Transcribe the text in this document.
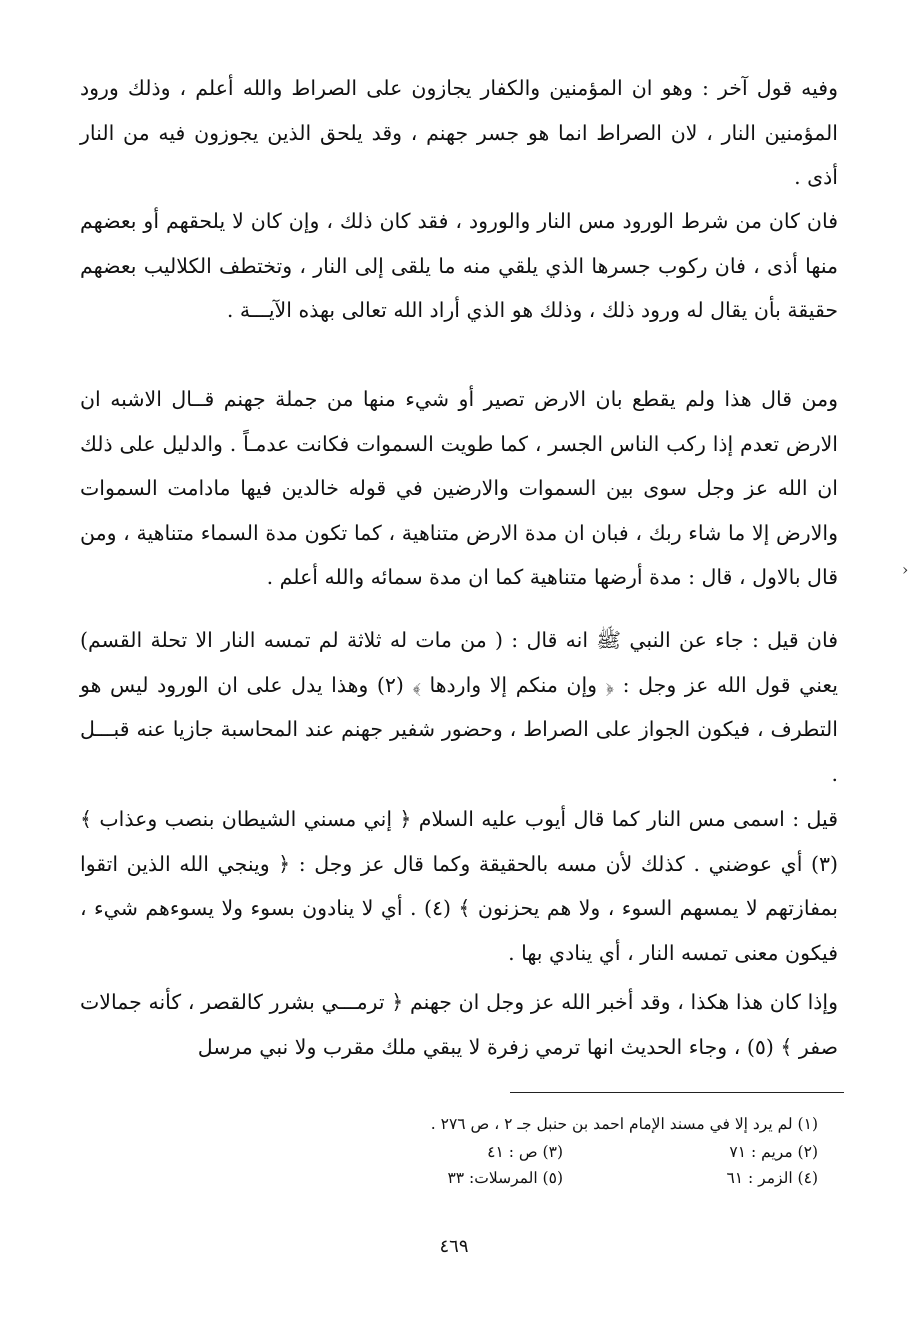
وفيه قول آخر : وهو ان المؤمنين والكفار يجازون على الصراط والله أعلم ، وذلك ورود المؤمنين النار ، لان الصراط انما هو جسر جهنم ، وقد يلحق الذين يجوزون فيه من النار أذى .

فان كان من شرط الورود مس النار والورود ، فقد كان ذلك ، وإن كان لا يلحقهم أو بعضهم منها أذى ، فان ركوب جسرها الذي يلقي منه ما يلقى إلى النار ، وتختطف الكلاليب بعضهم حقيقة بأن يقال له ورود ذلك ، وذلك هو الذي أراد الله تعالى بهذه الآيـــة .

ومن قال هذا ولم يقطع بان الارض تصير أو شيء منها من جملة جهنم قــال الاشبه ان الارض تعدم إذا ركب الناس الجسر ، كما طويت السموات فكانت عدمـاً . والدليل على ذلك ان الله عز وجل سوى بين السموات والارضين في قوله خالدين فيها مادامت السموات والارض إلا ما شاء ربك ، فبان ان مدة الارض متناهية ، كما تكون مدة السماء متناهية ، ومن قال بالاول ، قال : مدة أرضها متناهية كما ان مدة سمائه والله أعلم .

فان قيل : جاء عن النبي ﷺ انه قال : ( من مات له ثلاثة لم تمسه النار الا تحلة القسم) يعني قول الله عز وجل : ﴿ وإن منكم إلا واردها ﴾ (٢) وهذا يدل على ان الورود ليس هو التطرف ، فيكون الجواز على الصراط ، وحضور شفير جهنم عند المحاسبة جازيا عنه قبـــل .

قيل : اسمى مس النار كما قال أيوب عليه السلام ﴿ إني مسني الشيطان بنصب وعذاب ﴾ (٣) أي عوضني . كذلك لأن مسه بالحقيقة وكما قال عز وجل : ﴿ وينجي الله الذين اتقوا بمفازتهم لا يمسهم السوء ، ولا هم يحزنون ﴾ (٤) . أي لا ينادون بسوء ولا يسوءهم شيء ، فيكون معنى تمسه النار ، أي ينادي بها .

وإذا كان هذا هكذا ، وقد أخبر الله عز وجل ان جهنم ﴿ ترمـــي بشرر كالقصر ، كأنه جمالات صفر ﴾ (٥) ، وجاء الحديث انها ترمي زفرة لا يبقي ملك مقرب ولا نبي مرسل

‹
(١) لم يرد إلا في مسند الإمام احمد بن حنبل جـ ٢ ، ص ٢٧٦ .
(٢) مريم : ٧١
(٣) ص : ٤١
(٤) الزمر : ٦١
(٥) المرسلات: ٣٣
٤٦٩
